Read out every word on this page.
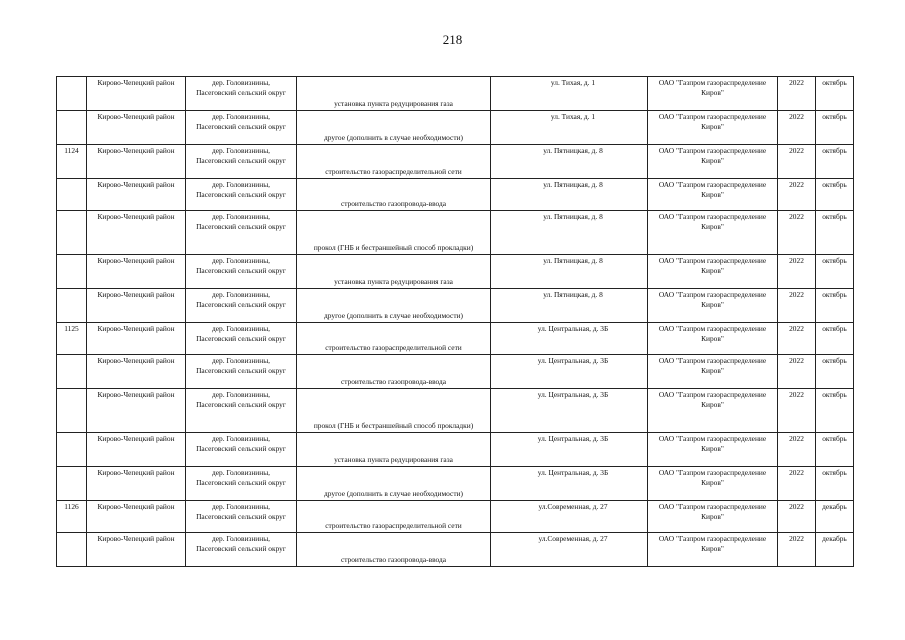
218
	Кирово-Чепецкий район	дер. Головизнины,
Пасеговский сельский округ	установка пункта редуцирования газа	ул. Тихая, д. 1	ОАО "Газпром газораспределение
Киров"	2022	октябрь
	Кирово-Чепецкий район	дер. Головизнины,
Пасеговский сельский округ	другое (дополнить в случае необходимости)	ул. Тихая, д. 1	ОАО "Газпром газораспределение
Киров"	2022	октябрь
1124	Кирово-Чепецкий район	дер. Головизнины,
Пасеговский сельский округ	строительство газораспределительной сети	ул. Пятницкая, д. 8	ОАО "Газпром газораспределение
Киров"	2022	октябрь
	Кирово-Чепецкий район	дер. Головизнины,
Пасеговский сельский округ	строительство газопровода-ввода	ул. Пятницкая, д. 8	ОАО "Газпром газораспределение
Киров"	2022	октябрь
	Кирово-Чепецкий район	дер. Головизнины,
Пасеговский сельский округ	прокол (ГНБ и бестраншейный способ прокладки)	ул. Пятницкая, д. 8	ОАО "Газпром газораспределение
Киров"	2022	октябрь
	Кирово-Чепецкий район	дер. Головизнины,
Пасеговский сельский округ	установка пункта редуцирования газа	ул. Пятницкая, д. 8	ОАО "Газпром газораспределение
Киров"	2022	октябрь
	Кирово-Чепецкий район	дер. Головизнины,
Пасеговский сельский округ	другое (дополнить в случае необходимости)	ул. Пятницкая, д. 8	ОАО "Газпром газораспределение
Киров"	2022	октябрь
1125	Кирово-Чепецкий район	дер. Головизнины,
Пасеговский сельский округ	строительство газораспределительной сети	ул. Центральная, д. 3Б	ОАО "Газпром газораспределение
Киров"	2022	октябрь
	Кирово-Чепецкий район	дер. Головизнины,
Пасеговский сельский округ	строительство газопровода-ввода	ул. Центральная, д. 3Б	ОАО "Газпром газораспределение
Киров"	2022	октябрь
	Кирово-Чепецкий район	дер. Головизнины,
Пасеговский сельский округ	прокол (ГНБ и бестраншейный способ прокладки)	ул. Центральная, д. 3Б	ОАО "Газпром газораспределение
Киров"	2022	октябрь
	Кирово-Чепецкий район	дер. Головизнины,
Пасеговский сельский округ	установка пункта редуцирования газа	ул. Центральная, д. 3Б	ОАО "Газпром газораспределение
Киров"	2022	октябрь
	Кирово-Чепецкий район	дер. Головизнины,
Пасеговский сельский округ	другое (дополнить в случае необходимости)	ул. Центральная, д. 3Б	ОАО "Газпром газораспределение
Киров"	2022	октябрь
1126	Кирово-Чепецкий район	дер. Головизнины,
Пасеговский сельский округ	строительство газораспределительной сети	ул.Современная, д. 27	ОАО "Газпром газораспределение
Киров"	2022	декабрь
	Кирово-Чепецкий район	дер. Головизнины,
Пасеговский сельский округ	строительство газопровода-ввода	ул.Современная, д. 27	ОАО "Газпром газораспределение
Киров"	2022	декабрь
